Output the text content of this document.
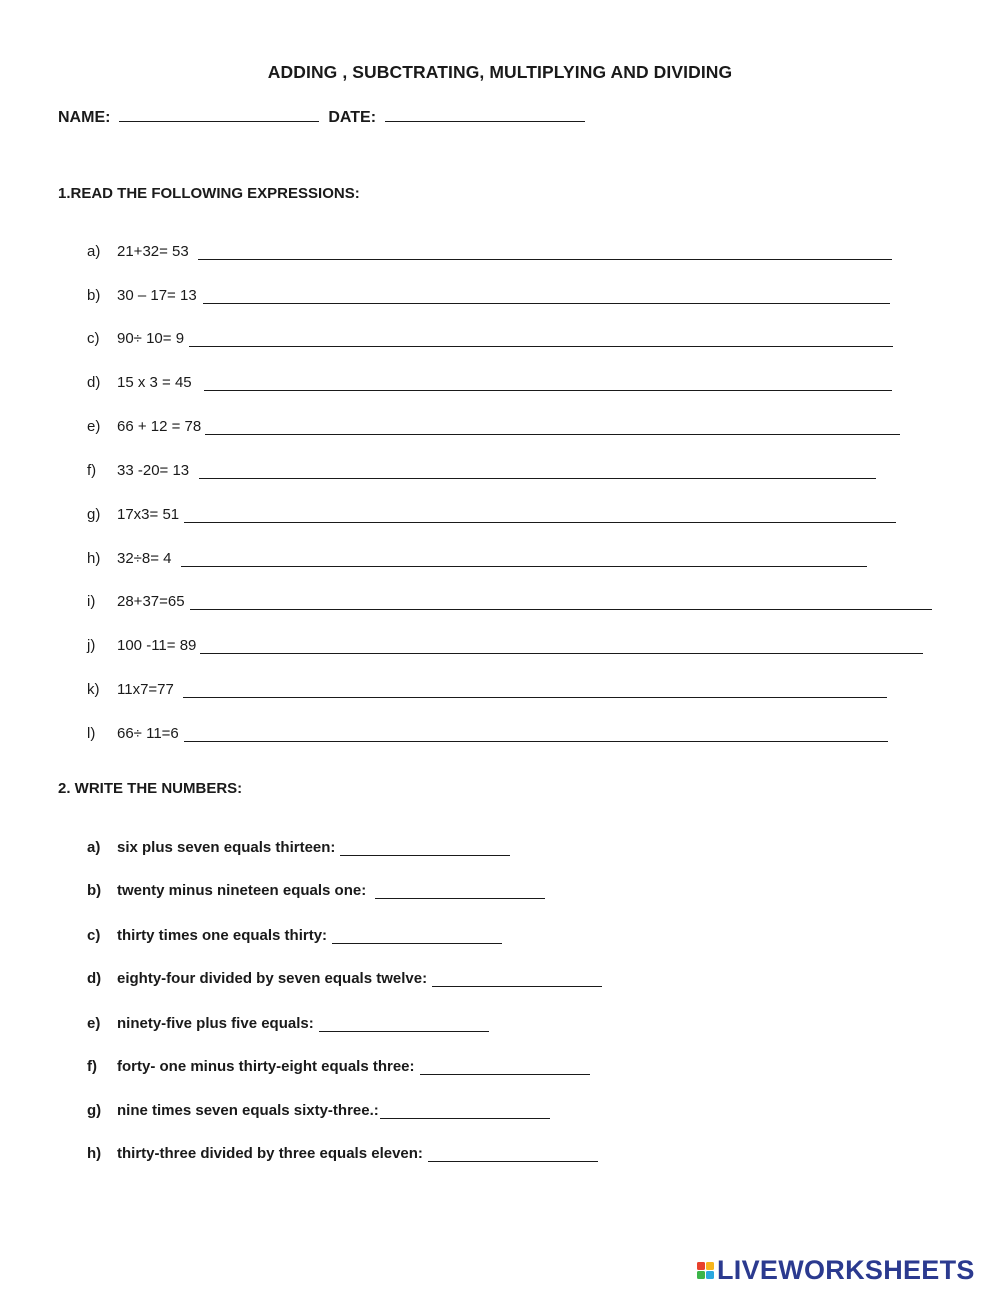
ADDING , SUBCTRATING, MULTIPLYING AND DIVIDING
NAME:	DATE:
1.READ THE FOLLOWING EXPRESSIONS:
a)	21+32= 53
b)	30 – 17= 13
c)	90÷ 10= 9
d)	15 x 3 = 45
e)	66 + 12 = 78
f)	33 -20= 13
g)	17x3= 51
h)	32÷8= 4
i)	28+37=65
j)	100 -11= 89
k)	11x7=77
l)	66÷ 11=6
2. WRITE THE NUMBERS:
a)	six plus seven equals thirteen:
b)	twenty minus nineteen equals one:
c)	thirty times one equals thirty:
d)	eighty-four divided by seven equals twelve:
e)	ninety-five plus five equals:
f)	forty- one minus thirty-eight equals three:
g)	nine times seven equals sixty-three.:
h)	thirty-three divided by three equals eleven:
LIVEWORKSHEETS
